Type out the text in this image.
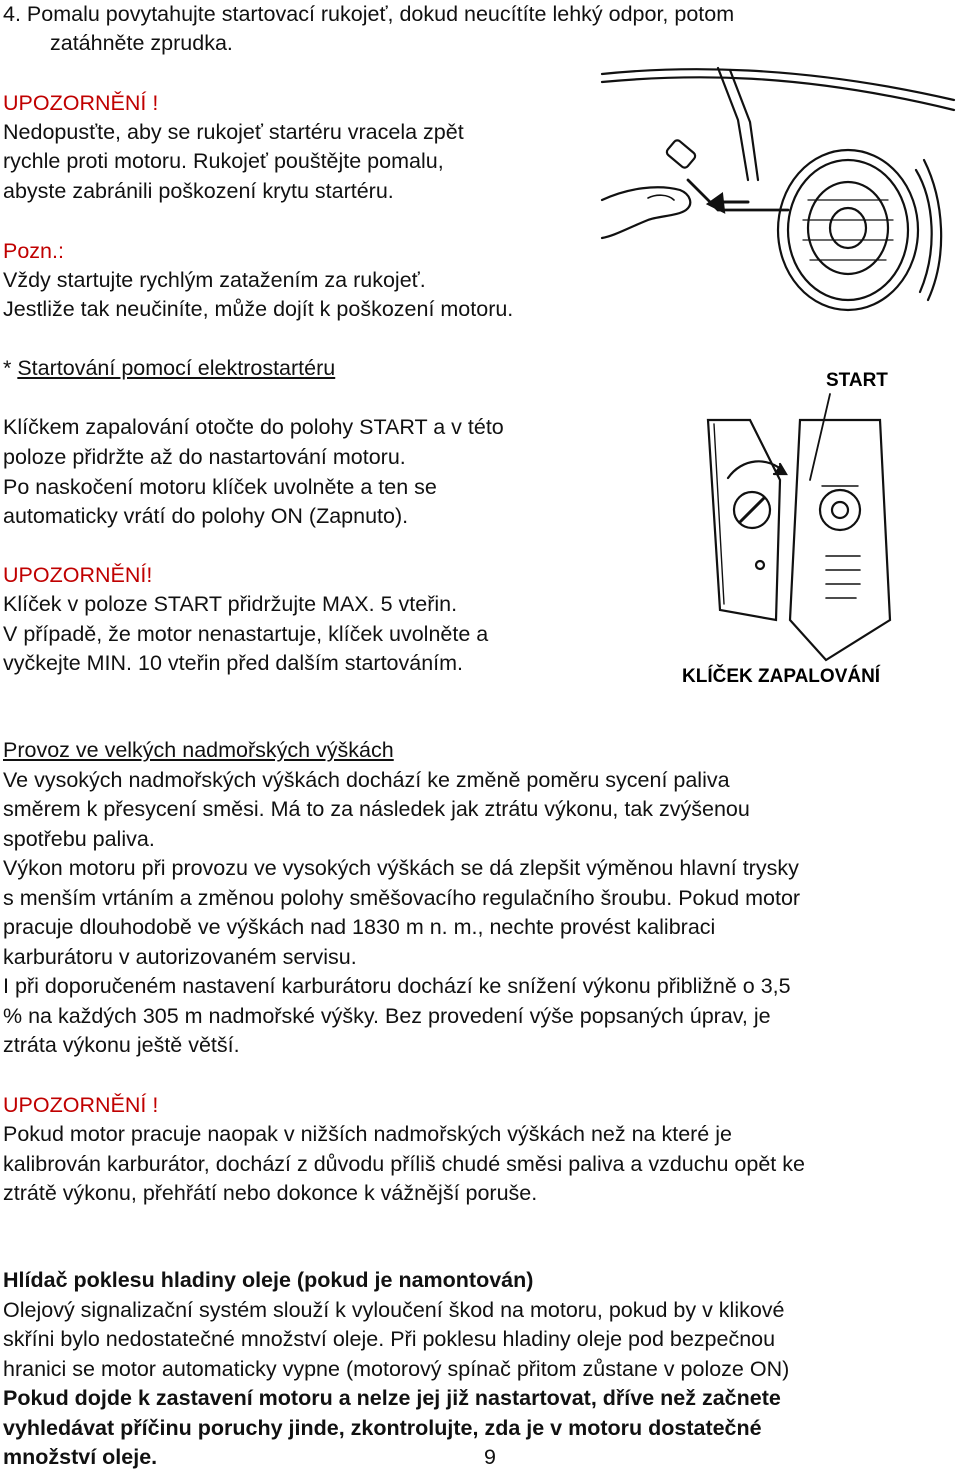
4. Pomalu povytahujte startovací rukojeť, dokud neucítíte lehký odpor, potom
zatáhněte zprudka.
UPOZORNĚNÍ !
Nedopusťte, aby se rukojeť startéru vracela zpět
rychle proti motoru. Rukojeť pouštějte pomalu,
abyste zabránili poškození krytu startéru.
Pozn.:
Vždy startujte rychlým zatažením za rukojeť.
Jestliže tak neučiníte, může dojít k poškození motoru.
* Startování pomocí elektrostartéru
Klíčkem zapalování otočte do polohy START a v této
poloze přidržte až do nastartování motoru.
Po naskočení motoru klíček uvolněte a ten se
automaticky vrátí do polohy ON (Zapnuto).
UPOZORNĚNÍ!
Klíček v poloze START přidržujte MAX. 5 vteřin.
V případě, že motor nenastartuje, klíček uvolněte a
vyčkejte MIN. 10 vteřin před dalším startováním.
START
KLÍČEK ZAPALOVÁNÍ
Provoz ve velkých nadmořských výškách
Ve vysokých nadmořských výškách dochází ke změně poměru sycení paliva
směrem k přesycení směsi. Má to za následek jak ztrátu výkonu, tak zvýšenou
spotřebu paliva.
Výkon motoru při provozu ve vysokých výškách se dá zlepšit výměnou hlavní trysky
s menším vrtáním a změnou polohy směšovacího regulačního šroubu. Pokud motor
pracuje dlouhodobě ve výškách nad 1830 m n. m., nechte provést kalibraci
karburátoru v autorizovaném servisu.
I při doporučeném nastavení karburátoru dochází ke snížení výkonu přibližně o 3,5
% na každých 305 m nadmořské výšky. Bez provedení výše popsaných úprav, je
ztráta výkonu ještě větší.
UPOZORNĚNÍ !
Pokud motor pracuje naopak v nižších nadmořských výškách než na které je
kalibrován karburátor, dochází z důvodu příliš chudé směsi paliva a vzduchu opět ke
ztrátě výkonu, přehřátí nebo dokonce k vážnější poruše.
Hlídač poklesu hladiny oleje (pokud je namontován)
Olejový signalizační systém slouží k vyloučení škod na motoru, pokud by v klikové
skříni bylo nedostatečné množství oleje. Při poklesu hladiny oleje pod bezpečnou
hranici se motor automaticky vypne (motorový spínač přitom zůstane v poloze ON)
Pokud dojde k zastavení motoru a nelze jej již nastartovat, dříve než začnete
vyhledávat příčinu poruchy jinde, zkontrolujte, zda je v motoru dostatečné
množství oleje.	9
